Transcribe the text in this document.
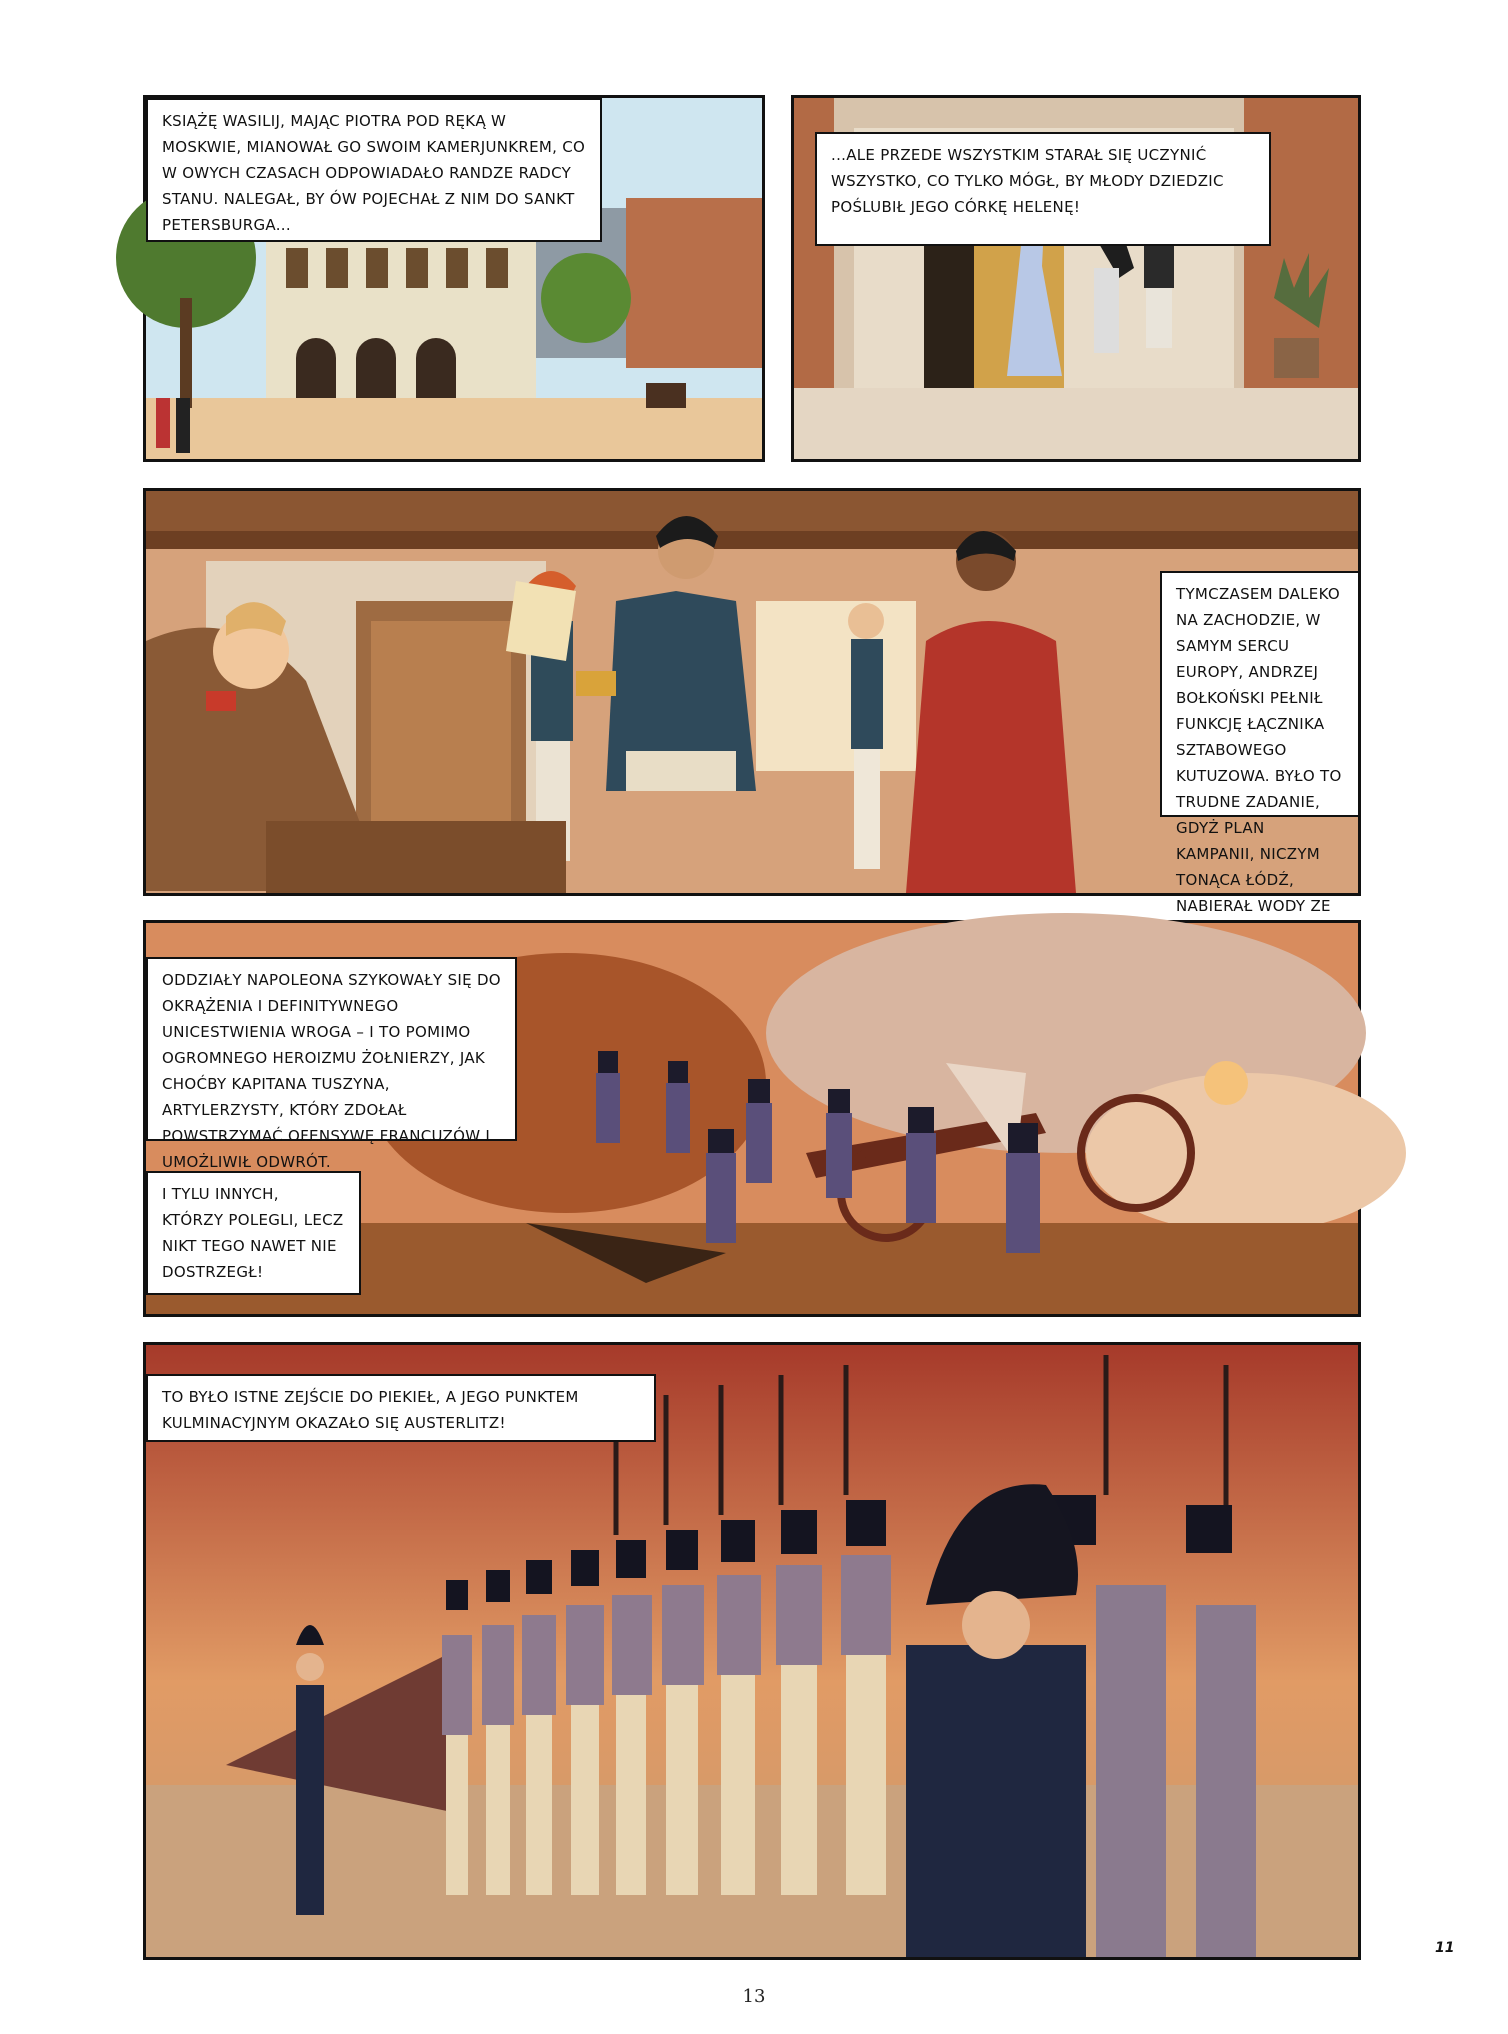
KSIĄŻĘ WASILIJ, MAJĄC PIOTRA POD RĘKĄ W MOSKWIE, MIANOWAŁ GO SWOIM KAMERJUNKREM, CO W OWYCH CZASACH ODPOWIADAŁO RANDZE RADCY STANU. NALEGAŁ, BY ÓW POJECHAŁ Z NIM DO SANKT PETERSBURGA...
...ALE PRZEDE WSZYSTKIM STARAŁ SIĘ UCZYNIĆ WSZYSTKO, CO TYLKO MÓGŁ, BY MŁODY DZIEDZIC POŚLUBIŁ JEGO CÓRKĘ HELENĘ!
TYMCZASEM DALEKO NA ZACHODZIE, W SAMYM SERCU EUROPY, ANDRZEJ BOŁKOŃSKI PEŁNIŁ FUNKCJĘ ŁĄCZNIKA SZTABOWEGO KUTUZOWA. BYŁO TO TRUDNE ZADANIE, GDYŻ PLAN KAMPANII, NICZYM TONĄCA ŁÓDŹ, NABIERAŁ WODY ZE
ODDZIAŁY NAPOLEONA SZYKOWAŁY SIĘ DO OKRĄŻENIA I DEFINITYWNEGO UNICESTWIENIA WROGA – I TO POMIMO OGROMNEGO HEROIZMU ŻOŁNIERZY, JAK CHOĆBY KAPITANA TUSZYNA, ARTYLERZYSTY, KTÓRY ZDOŁAŁ POWSTRZYMAĆ OFENSYWĘ FRANCUZÓW I UMOŻLIWIŁ ODWRÓT.
I TYLU INNYCH, KTÓRZY POLEGLI, LECZ NIKT TEGO NAWET NIE DOSTRZEGŁ!
TO BYŁO ISTNE ZEJŚCIE DO PIEKIEŁ, A JEGO PUNKTEM KULMINACYJNYM OKAZAŁO SIĘ AUSTERLITZ!
11
13
